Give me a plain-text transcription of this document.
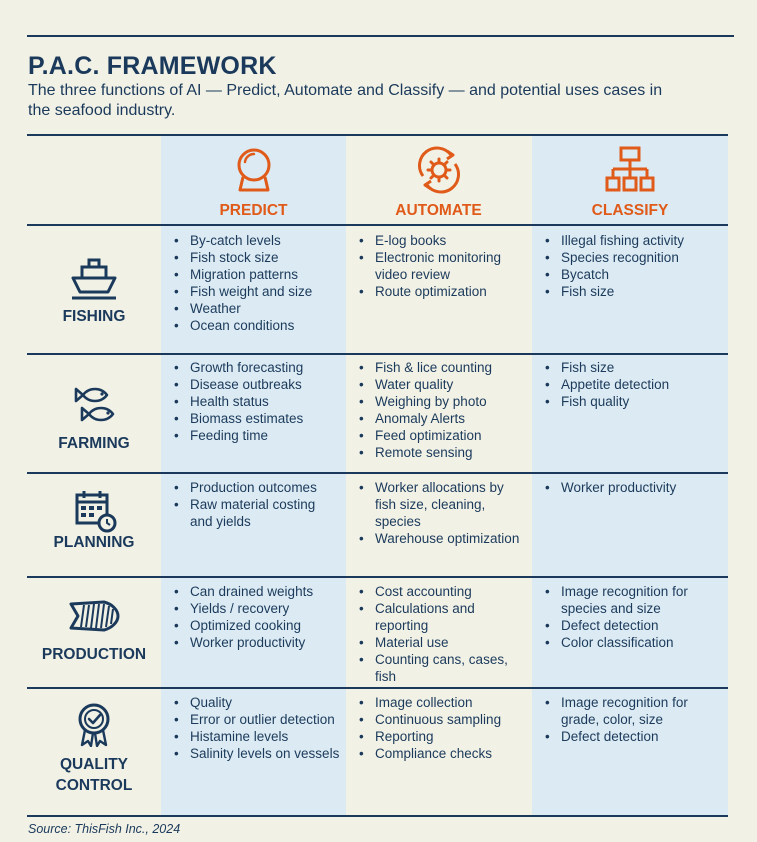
P.A.C. FRAMEWORK
The three functions of AI — Predict, Automate and Classify — and potential uses cases in the seafood industry.
PREDICT	AUTOMATE	CLASSIFY
FISHING
• By-catch levels
• Fish stock size
• Migration patterns
• Fish weight and size
• Weather
• Ocean conditions
• E-log books
• Electronic monitoring video review
• Route optimization
• Illegal fishing activity
• Species recognition
• Bycatch
• Fish size
FARMING
• Growth forecasting
• Disease outbreaks
• Health status
• Biomass estimates
• Feeding time
• Fish & lice counting
• Water quality
• Weighing by photo
• Anomaly Alerts
• Feed optimization
• Remote sensing
• Fish size
• Appetite detection
• Fish quality
PLANNING
• Production outcomes
• Raw material costing and yields
• Worker allocations by fish size, cleaning, species
• Warehouse optimization
• Worker productivity
PRODUCTION
• Can drained weights
• Yields / recovery
• Optimized cooking
• Worker productivity
• Cost accounting
• Calculations and reporting
• Material use
• Counting cans, cases, fish
• Image recognition for species and size
• Defect detection
• Color classification
QUALITY CONTROL
• Quality
• Error or outlier detection
• Histamine levels
• Salinity levels on vessels
• Image collection
• Continuous sampling
• Reporting
• Compliance checks
• Image recognition for grade, color, size
• Defect detection
Source: ThisFish Inc., 2024
